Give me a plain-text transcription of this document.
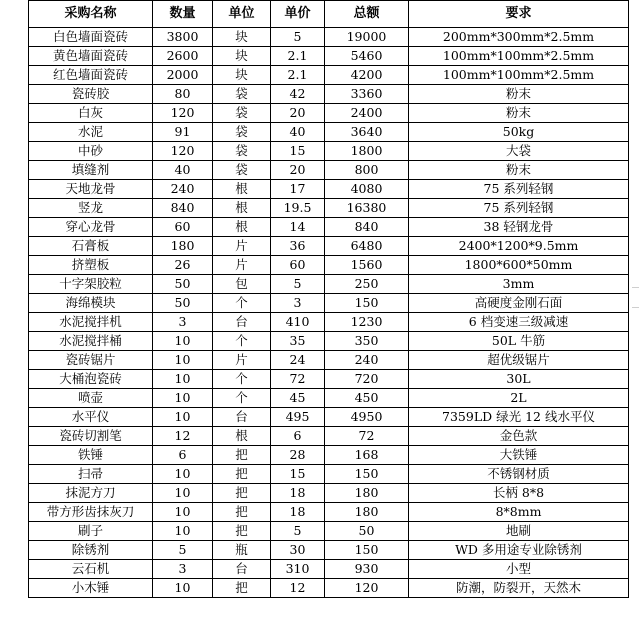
采购名称	数量	单位	单价	总额	要求
白色墙面瓷砖	3800	块	5	19000	200mm*300mm*2.5mm
黄色墙面瓷砖	2600	块	2.1	5460	100mm*100mm*2.5mm
红色墙面瓷砖	2000	块	2.1	4200	100mm*100mm*2.5mm
瓷砖胶	80	袋	42	3360	粉末
白灰	120	袋	20	2400	粉末
水泥	91	袋	40	3640	50kg
中砂	120	袋	15	1800	大袋
填缝剂	40	袋	20	800	粉末
天地龙骨	240	根	17	4080	75 系列轻钢
竖龙	840	根	19.5	16380	75 系列轻钢
穿心龙骨	60	根	14	840	38 轻钢龙骨
石膏板	180	片	36	6480	2400*1200*9.5mm
挤塑板	26	片	60	1560	1800*600*50mm
十字架胶粒	50	包	5	250	3mm
海绵模块	50	个	3	150	高硬度金刚石面
水泥搅拌机	3	台	410	1230	6 档变速三级减速
水泥搅拌桶	10	个	35	350	50L 牛筋
瓷砖锯片	10	片	24	240	超优级锯片
大桶泡瓷砖	10	个	72	720	30L
喷壶	10	个	45	450	2L
水平仪	10	台	495	4950	7359LD 绿光 12 线水平仪
瓷砖切割笔	12	根	6	72	金色款
铁锤	6	把	28	168	大铁锤
扫帚	10	把	15	150	不锈钢材质
抹泥方刀	10	把	18	180	长柄 8*8
带方形齿抹灰刀	10	把	18	180	8*8mm
刷子	10	把	5	50	地刷
除锈剂	5	瓶	30	150	WD 多用途专业除锈剂
云石机	3	台	310	930	小型
小木锤	10	把	12	120	防潮，防裂开，天然木
